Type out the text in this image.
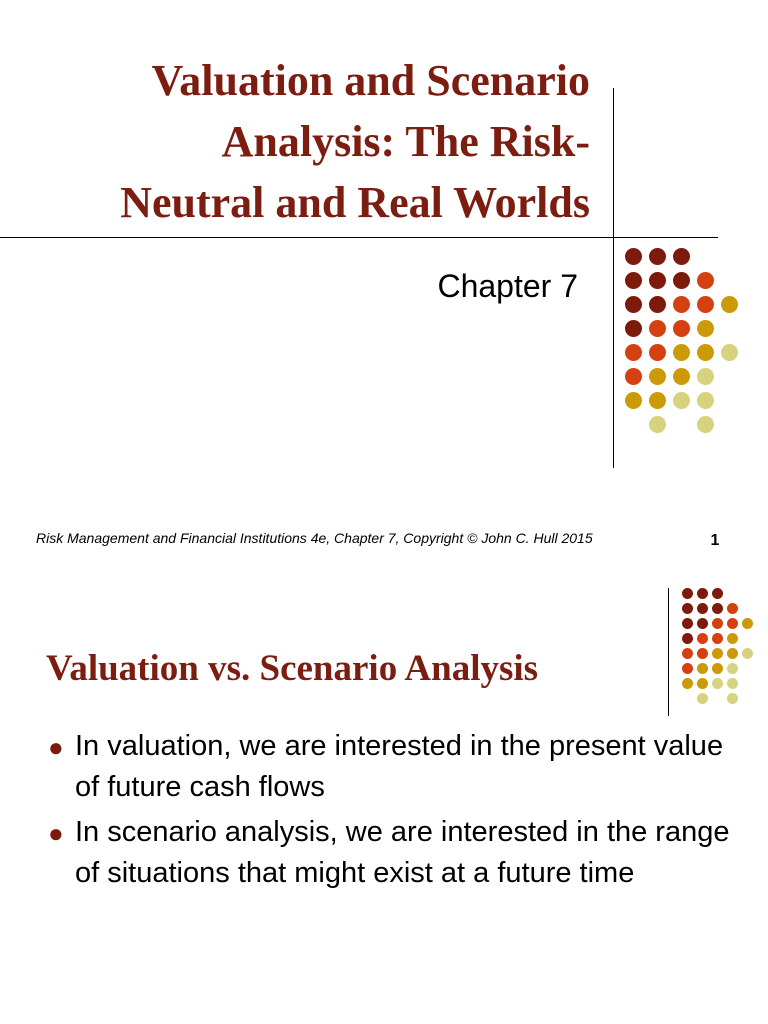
Valuation and Scenario
Analysis: The Risk-
Neutral and Real Worlds
Chapter 7
Risk Management and Financial Institutions 4e, Chapter 7, Copyright © John C. Hull 2015	1
Valuation vs. Scenario Analysis
● In valuation, we are interested in the present value of future cash flows
● In scenario analysis, we are interested in the range of situations that might exist at a future time
